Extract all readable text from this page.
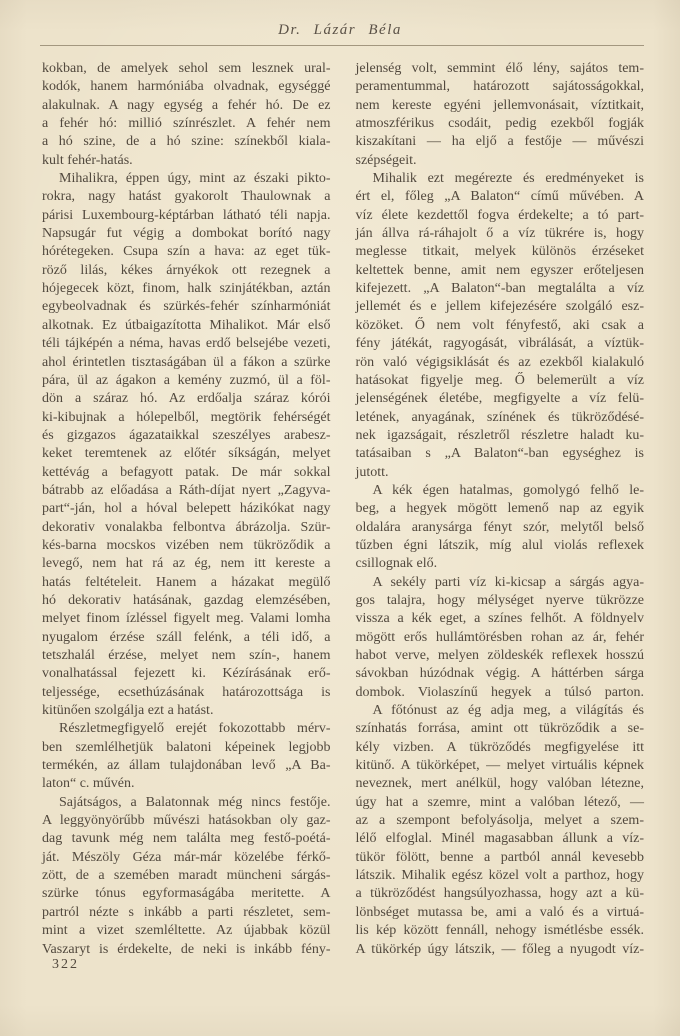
Dr. Lázár Béla
kokban, de amelyek sehol sem lesznek ural-
kodók, hanem harmóniába olvadnak, egységgé
alakulnak. A nagy egység a fehér hó. De ez
a fehér hó: millió színrészlet. A fehér nem
a hó szine, de a hó szine: színekből kiala-
kult fehér-hatás.
Mihalikra, éppen úgy, mint az északi pikto-
rokra, nagy hatást gyakorolt Thaulownak a
párisi Luxembourg-képtárban látható téli napja.
Napsugár fut végig a dombokat borító nagy
hórétegeken. Csupa szín a hava: az eget tük-
röző lilás, kékes árnyékok ott rezegnek a
hójegecek közt, finom, halk szinjátékban, aztán
egybeolvadnak és szürkés-fehér színharmóniát
alkotnak. Ez útbaigazította Mihalikot. Már első
téli tájképén a néma, havas erdő belsejébe vezeti,
ahol érintetlen tisztaságában ül a fákon a szürke
pára, ül az ágakon a kemény zuzmó, ül a föl-
dön a száraz hó. Az erdőalja száraz kórói
ki-kibujnak a hólepelből, megtörik fehérségét
és gizgazos ágazataikkal szeszélyes arabesz-
keket teremtenek az előtér síkságán, melyet
kettévág a befagyott patak. De már sokkal
bátrabb az előadása a Ráth-díjat nyert „Zagyva-
part“-ján, hol a hóval belepett házikókat nagy
dekorativ vonalakba felbontva ábrázolja. Szür-
kés-barna mocskos vizében nem tükröződik a
levegő, nem hat rá az ég, nem itt kereste a
hatás feltételeit. Hanem a házakat megülő
hó dekorativ hatásának, gazdag elemzésében,
melyet finom ízléssel figyelt meg. Valami lomha
nyugalom érzése száll felénk, a téli idő, a
tetszhalál érzése, melyet nem szín-, hanem
vonalhatással fejezett ki. Kézírásának erő-
teljessége, ecsethúzásának határozottsága is
kitünően szolgálja ezt a hatást.
Részletmegfigyelő erejét fokozottabb mérv-
ben szemlélhetjük balatoni képeinek legjobb
termékén, az állam tulajdonában levő „A Ba-
laton“ c. művén.
Sajátságos, a Balatonnak még nincs festője.
A leggyönyörűbb művészi hatásokban oly gaz-
dag tavunk még nem találta meg festő-poétá-
ját. Mészöly Géza már-már közelébe férkő-
zött, de a szemében maradt müncheni sárgás-
szürke tónus egyformaságába meritette. A
partról nézte s inkább a parti részletet, sem-
mint a vizet szemléltette. Az újabbak közül
Vaszaryt is érdekelte, de neki is inkább fény-
jelenség volt, semmint élő lény, sajátos tem-
peramentummal, határozott sajátosságokkal,
nem kereste egyéni jellemvonásait, víztitkait,
atmoszférikus csodáit, pedig ezekből fogják
kiszakítani — ha eljő a festője — művészi
szépségeit.
Mihalik ezt megérezte és eredményeket is
ért el, főleg „A Balaton“ című művében. A
víz élete kezdettől fogva érdekelte; a tó part-
ján állva rá-ráhajolt ő a víz tükrére is, hogy
meglesse titkait, melyek különös érzéseket
keltettek benne, amit nem egyszer erőteljesen
kifejezett. „A Balaton“-ban megtalálta a víz
jellemét és e jellem kifejezésére szolgáló esz-
közöket. Ő nem volt fényfestő, aki csak a
fény játékát, ragyogását, vibrálását, a víztük-
rön való végigsiklását és az ezekből kialakuló
hatásokat figyelje meg. Ő belemerült a víz
jelenségének életébe, megfigyelte a víz felü-
letének, anyagának, színének és tükröződésé-
nek igazságait, részletről részletre haladt ku-
tatásaiban s „A Balaton“-ban egységhez is
jutott.
A kék égen hatalmas, gomolygó felhő le-
beg, a hegyek mögött lemenő nap az egyik
oldalára aranysárga fényt szór, melytől belső
tűzben égni látszik, míg alul violás reflexek
csillognak elő.
A sekély parti víz ki-kicsap a sárgás agya-
gos talajra, hogy mélységet nyerve tükrözze
vissza a kék eget, a színes felhőt. A földnyelv
mögött erős hullámtörésben rohan az ár, fehér
habot verve, melyen zöldeskék reflexek hosszú
sávokban húzódnak végig. A háttérben sárga
dombok. Violaszínű hegyek a túlsó parton.
A főtónust az ég adja meg, a világítás és
színhatás forrása, amint ott tükröződik a se-
kély vizben. A tükröződés megfigyelése itt
kitünő. A tükörképet, — melyet virtuális képnek
neveznek, mert anélkül, hogy valóban létezne,
úgy hat a szemre, mint a valóban létező, —
az a szempont befolyásolja, melyet a szem-
lélő elfoglal. Minél magasabban állunk a víz-
tükör fölött, benne a partból annál kevesebb
látszik. Mihalik egész közel volt a parthoz, hogy
a tükröződést hangsúlyozhassa, hogy azt a kü-
lönbséget mutassa be, ami a való és a virtuá-
lis kép között fennáll, nehogy ismétlésbe essék.
A tükörkép úgy látszik, — főleg a nyugodt víz-
322
